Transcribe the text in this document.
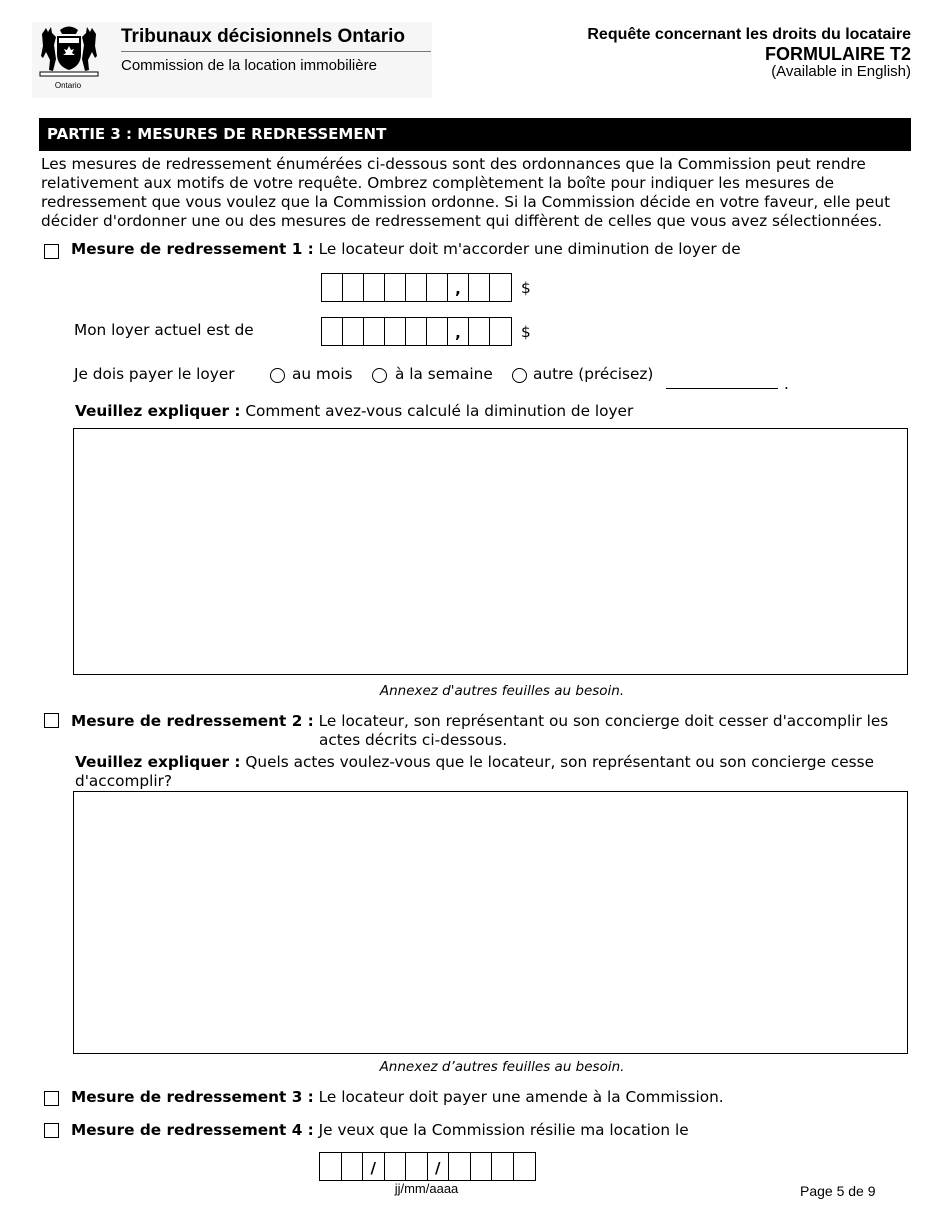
Tribunaux décisionnels Ontario
Commission de la location immobilière
Ontario
Requête concernant les droits du locataire
FORMULAIRE T2
(Available in English)
PARTIE 3 : MESURES DE REDRESSEMENT
Les mesures de redressement énumérées ci-dessous sont des ordonnances que la Commission peut rendre relativement aux motifs de votre requête. Ombrez complètement la boîte pour indiquer les mesures de redressement que vous voulez que la Commission ordonne. Si la Commission décide en votre faveur, elle peut décider d'ordonner une ou des mesures de redressement qui diffèrent de celles que vous avez sélectionnées.
Mesure de redressement 1 : Le locateur doit m'accorder une diminution de loyer de
,	$
Mon loyer actuel est de	,	$
Je dois payer le loyer	au mois	à la semaine	autre (précisez)
.
Veuillez expliquer : Comment avez-vous calculé la diminution de loyer
Annexez d'autres feuilles au besoin.
Mesure de redressement 2 : Le locateur, son représentant ou son concierge doit cesser d'accomplir les
actes décrits ci-dessous.
Veuillez expliquer : Quels actes voulez-vous que le locateur, son représentant ou son concierge cesse
d'accomplir?
Annexez d’autres feuilles au besoin.
Mesure de redressement 3 : Le locateur doit payer une amende à la Commission.
Mesure de redressement 4 : Je veux que la Commission résilie ma location le
/	/
jj/mm/aaaa	Page 5 de 9
